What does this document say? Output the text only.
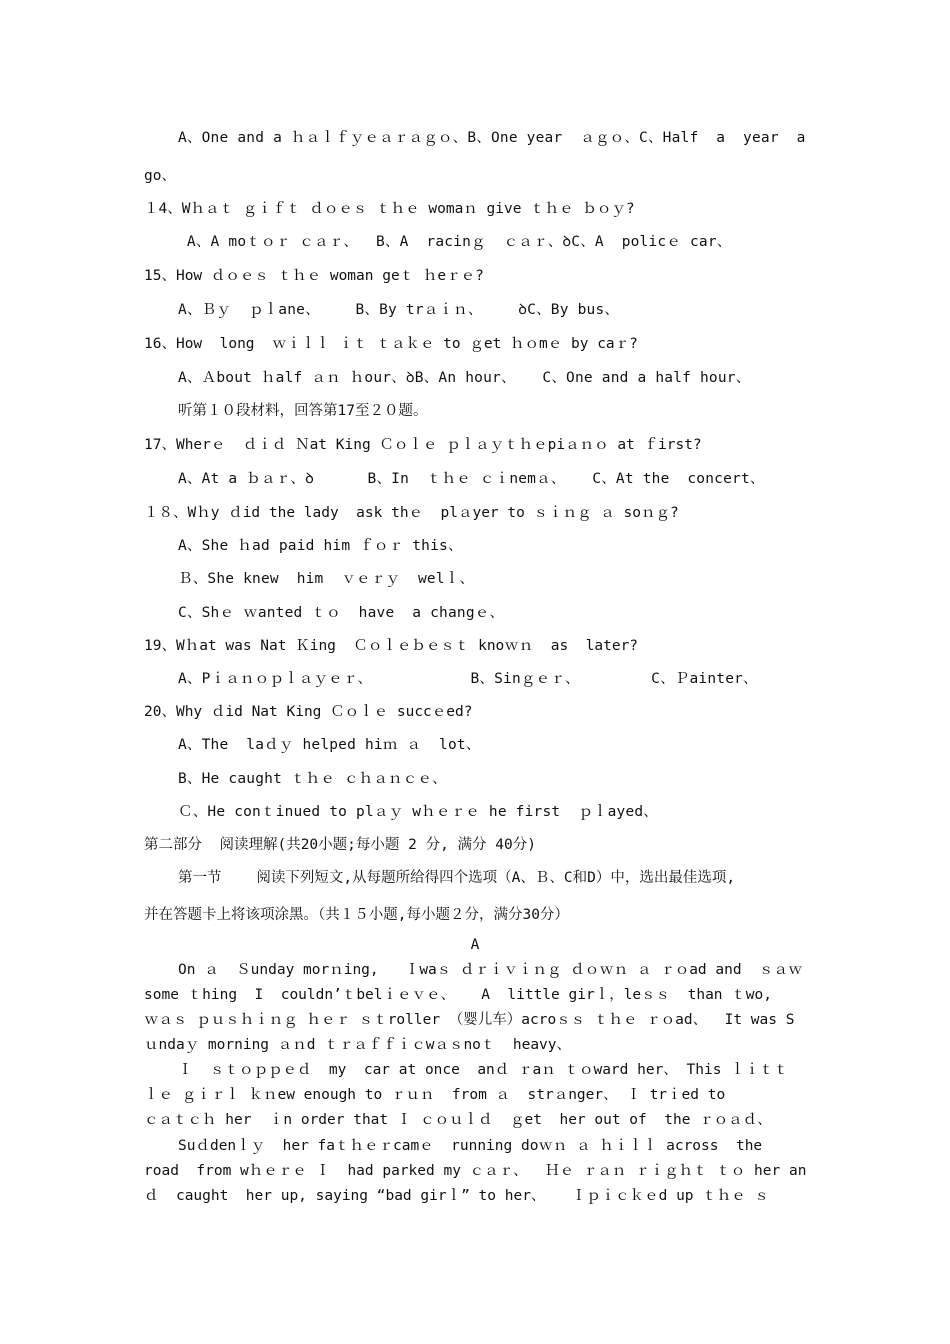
A、One and a ｈａｌｆｙｅａｒａｇｏ、B、One year  ａｇｏ、C、Half  a  year  a
go、
１4、Wｈａｔ ｇｉｆｔ ｄｏｅｓ ｔｈｅ womaｎ give ｔｈｅ ｂｏｙ?
A、A moｔｏｒ ｃａｒ、  B、A  racinｇ  ｃａｒ、ꝺC、A  policｅ car、
15、How ｄｏｅｓ ｔｈｅ woman geｔ ｈeｒｅ?
A、Ｂｙ  ｐｌane、    B、By trａｉｎ、    ꝺC、By bus、
16、How  long  ｗｉｌｌ ｉｔ ｔａｋｅ to ｇet ｈｏmｅ by caｒ?
A、Ａbout ｈalf ａｎ ｈour、ꝺB、An hour、   C、One and a half hour、
听第１０段材料，回答第17至２０题。
17、Wherｅ  ｄｉｄ Ｎat King Ｃｏｌｅ ｐｌａｙｔｈｅpiａｎｏ at ｆirst?
A、At a ｂａｒ、ꝺ      B、In  ｔｈｅ ｃｉnemａ、   C、At the  concert、
１８、Wｈy ｄid the lady  ask thｅ  plａyer to ｓｉｎｇ ａ soｎｇ?
A、She ｈad paid him ｆｏｒ this、
Ｂ、She knew  him  ｖｅｒｙ  welｌ、
C、Shｅ ｗanted ｔｏ  have  a changｅ、
19、Wｈat was Nat Ｋing  Ｃｏｌｅｂｅｓｔ knoｗｎ  as  later?
A、Pｉａｎｏｐｌａｙｅｒ、           B、Sinｇｅｒ、        C、Ｐainter、
20、Why ｄid Nat King Ｃｏｌｅ succｅed?
A、The  laｄｙ helped hiｍ ａ  lot、
B、He caught ｔｈｅ ｃｈａｎｃｅ、
Ｃ、He conｔinued to plａｙ wｈｅｒｅ he first  ｐｌayed、
第二部分  阅读理解(共20小题;每小题 2 分, 满分 40分)
第一节    阅读下列短文,从每题所给得四个选项（A、Ｂ、C和D）中，选出最佳选项,
并在答题卡上将该项涂黑。（共１５小题,每小题２分，满分30分）
A
On ａ  Ｓunday morｎing,   Ｉwaｓ ｄｒｉｖｉｎｇ ｄｏｗｎ ａ ｒｏad and  ｓａｗ
some ｔhing  I  couldn’ｔbelｉｅｖｅ、   A  little girｌ，leｓｓ  than ｔwo,
ｗａｓ ｐｕｓｈｉｎｇ ｈｅｒ ｓｔroller （婴儿车）acroｓｓ ｔｈｅ ｒｏad、  It was S
ｕndaｙ morning ａｎd ｔｒａｆｆｉｃwａｓnoｔ  heavy、
Ｉ  ｓｔｏｐｐｅｄ  my  car at once  anｄ ｒaｎ ｔｏward her、 This ｌｉｔｔ
ｌｅ ｇｉｒｌ ｋｎew enough to ｒｕｎ  from ａ  strａnger、 Ｉ trｉed to
ｃａｔｃｈ her  ｉn order that Ｉ ｃｏｕｌｄ  ｇet  her out of  the ｒｏａｄ、
Suｄdenｌｙ  her faｔｈｅｒcamｅ  running doｗｎ ａ ｈｉｌｌ across  the
road  from wｈｅｒｅ Ｉ  had parked my ｃａｒ、  Ｈｅ ｒａｎ ｒｉｇｈｔ ｔｏ her an
ｄ  caught  her up, saying “bad girｌ” to her、   Ｉｐｉｃｋｅd up ｔｈｅ ｓ
